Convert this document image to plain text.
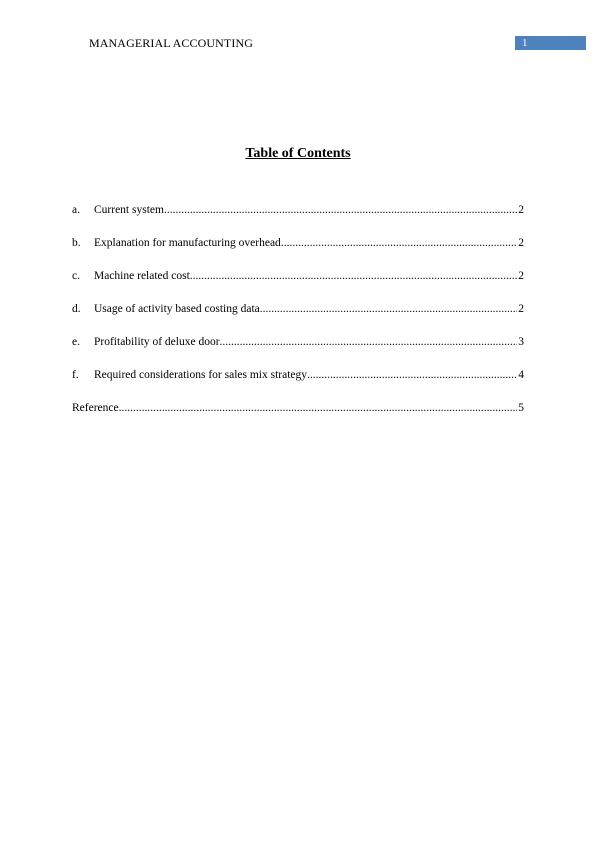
MANAGERIAL ACCOUNTING	1
Table of Contents
a.	Current system .....	2
b.	Explanation for manufacturing overhead .....	2
c.	Machine related cost .....	2
d.	Usage of activity based costing data .....	2
e.	Profitability of deluxe door .....	3
f.	Required considerations for sales mix strategy .....	4
Reference .....	5
